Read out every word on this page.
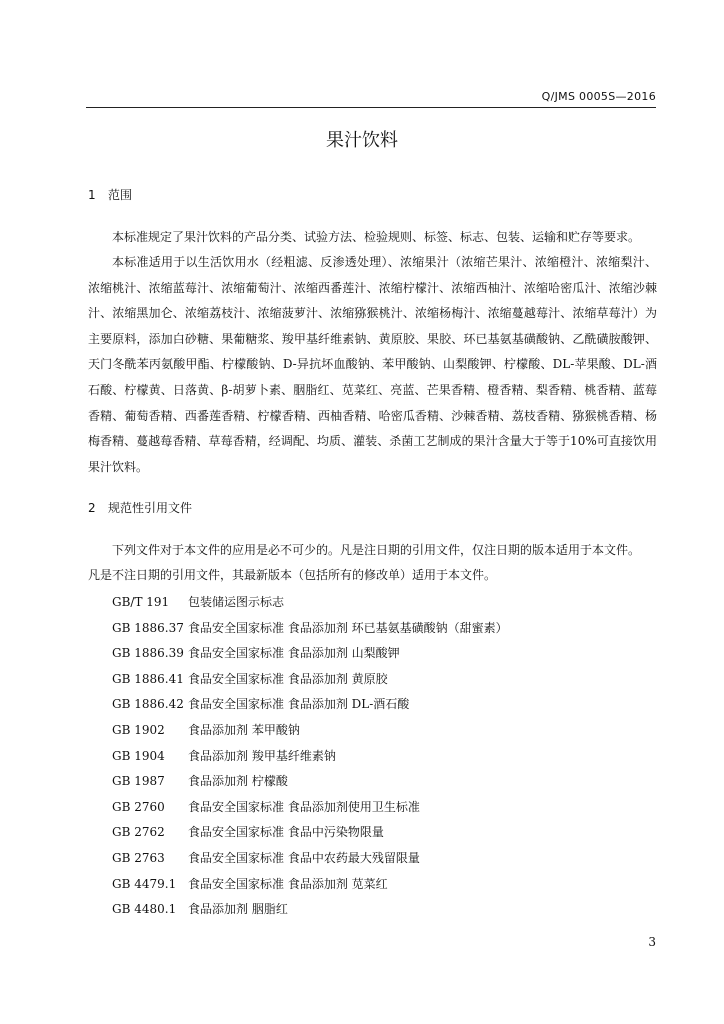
Q/JMS 0005S—2016
果汁饮料
1 范围
本标准规定了果汁饮料的产品分类、试验方法、检验规则、标签、标志、包装、运输和贮存等要求。
本标准适用于以生活饮用水（经粗滤、反渗透处理）、浓缩果汁（浓缩芒果汁、浓缩橙汁、浓缩梨汁、浓缩桃汁、浓缩蓝莓汁、浓缩葡萄汁、浓缩西番莲汁、浓缩柠檬汁、浓缩西柚汁、浓缩哈密瓜汁、浓缩沙棘汁、浓缩黑加仑、浓缩荔枝汁、浓缩菠萝汁、浓缩猕猴桃汁、浓缩杨梅汁、浓缩蔓越莓汁、浓缩草莓汁）为主要原料，添加白砂糖、果葡糖浆、羧甲基纤维素钠、黄原胶、果胶、环已基氨基磺酸钠、乙酰磺胺酸钾、天门冬酰苯丙氨酸甲酯、柠檬酸钠、D-异抗坏血酸钠、苯甲酸钠、山梨酸钾、柠檬酸、DL-苹果酸、DL-酒石酸、柠檬黄、日落黄、β-胡萝卜素、胭脂红、苋菜红、亮蓝、芒果香精、橙香精、梨香精、桃香精、蓝莓香精、葡萄香精、西番莲香精、柠檬香精、西柚香精、哈密瓜香精、沙棘香精、荔枝香精、猕猴桃香精、杨梅香精、蔓越莓香精、草莓香精，经调配、均质、灌装、杀菌工艺制成的果汁含量大于等于10%可直接饮用果汁饮料。
2 规范性引用文件
下列文件对于本文件的应用是必不可少的。凡是注日期的引用文件，仅注日期的版本适用于本文件。
凡是不注日期的引用文件，其最新版本（包括所有的修改单）适用于本文件。
GB/T 191 包装储运图示标志
GB 1886.37 食品安全国家标准 食品添加剂 环已基氨基磺酸钠（甜蜜素）
GB 1886.39 食品安全国家标准 食品添加剂 山梨酸钾
GB 1886.41 食品安全国家标准 食品添加剂 黄原胶
GB 1886.42 食品安全国家标准 食品添加剂 DL-酒石酸
GB 1902 食品添加剂 苯甲酸钠
GB 1904 食品添加剂 羧甲基纤维素钠
GB 1987 食品添加剂 柠檬酸
GB 2760 食品安全国家标准 食品添加剂使用卫生标准
GB 2762 食品安全国家标准 食品中污染物限量
GB 2763 食品安全国家标准 食品中农药最大残留限量
GB 4479.1 食品安全国家标准 食品添加剂 苋菜红
GB 4480.1 食品添加剂 胭脂红
3
